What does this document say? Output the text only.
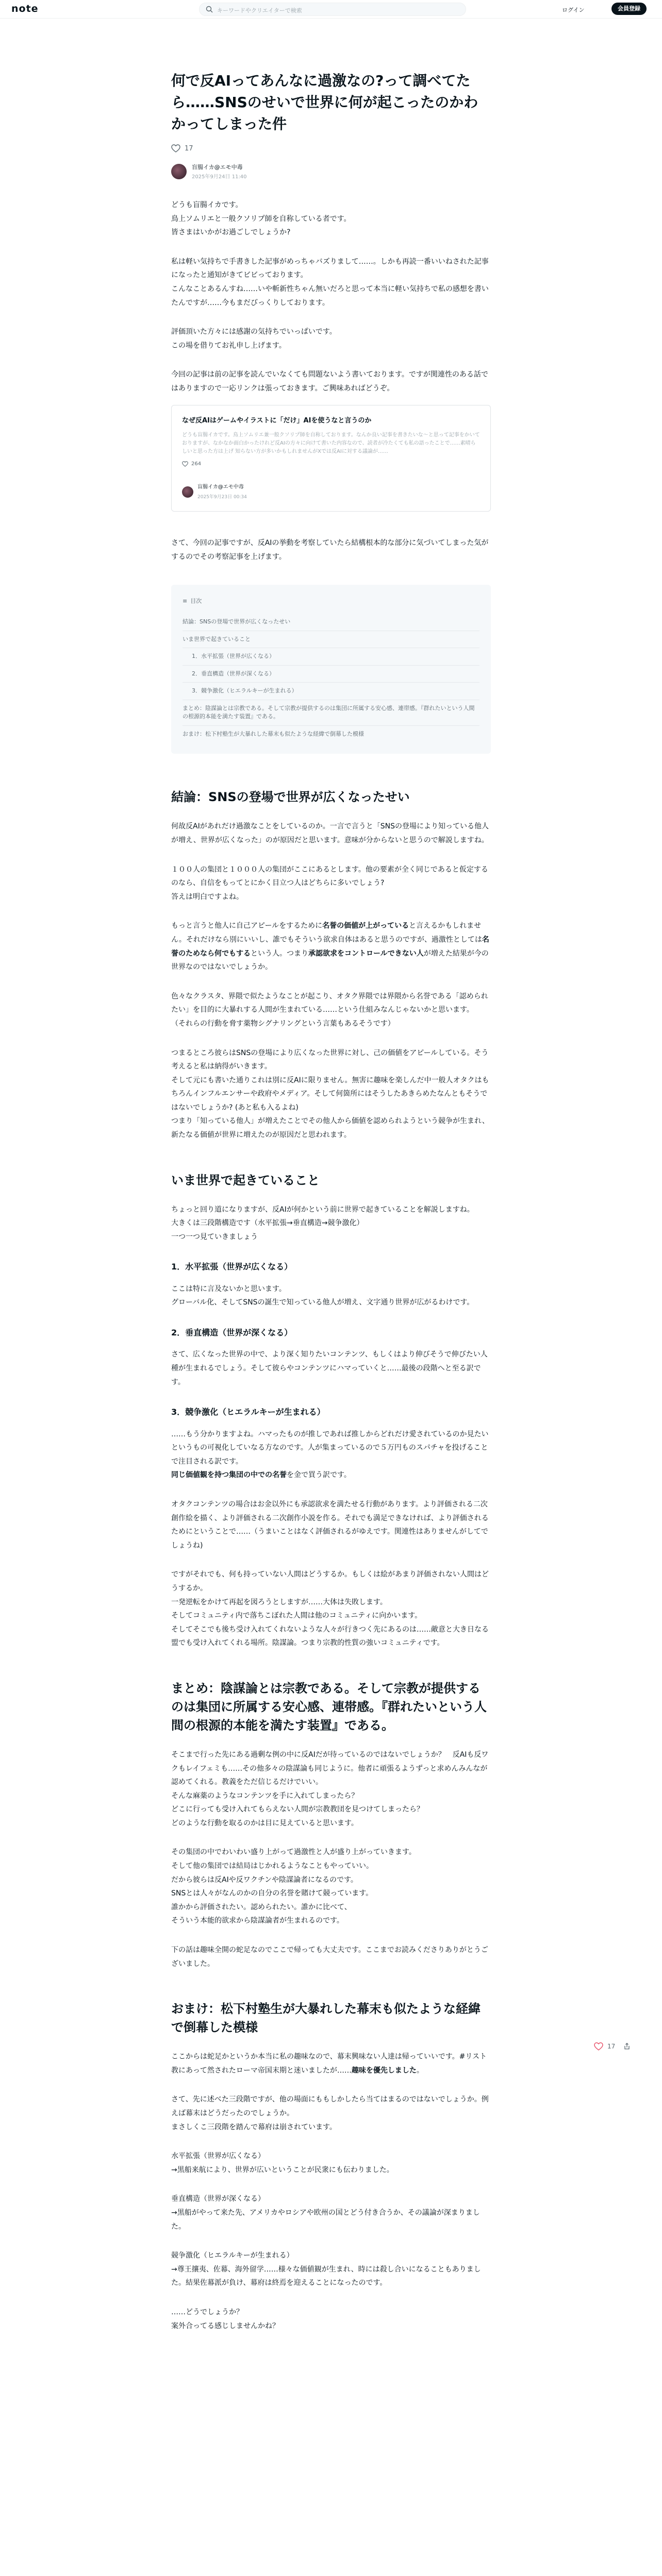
note	キーワードやクリエイターで検索	ログイン	会員登録
何で反AIってあんなに過激なの?って調べてたら……SNSのせいで世界に何が起こったのかわかってしまった件
17
盲腸イカ@エモ中毒
2025年9月24日 11:40

どうも盲腸イカです。
鳥上ソムリエと一般クソリプ師を自称している者です。
皆さまはいかがお過ごしでしょうか?

私は軽い気持ちで手書きした記事がめっちゃバズりまして……。しかも再読一番いいねされた記事になったと通知がきてビビっております。
こんなことあるんすね……いや斬新性ちゃん無いだろと思って本当に軽い気持ちで私の感想を書いたんですが……今もまだびっくりしております。

評価頂いた方々には感謝の気持ちでいっぱいです。
この場を借りてお礼申し上げます。

今回の記事は前の記事を読んでいなくても問題ないよう書いております。ですが関連性のある話ではありますので一応リンクは張っておきます。ご興味あればどうぞ。

なぜ反AIはゲームやイラストに「だけ」AIを使うなと言うのか
どうも盲腸イカです。鳥上ソムリエ兼一般クソリプ師を自称しております。なんか良い記事を書きたいな〜と思って記事をかいておりますが、なかなか面白かったけれど反AIの方々に向けて書いた内容なので、読者が冷たくても私の語ったことで……素晴らしいと思った方は上げ 知らない方が多いかもしれませんがXでは反AIに対する議論が……
264
盲腸イカ@エモ中毒
2025年9月23日 00:34

さて、今回の記事ですが、反AIの挙動を考察していたら結構根本的な部分に気づいてしまった気がするのでその考察記事を上げます。

≡ 目次
結論：SNSの登場で世界が広くなったせい
いま世界で起きていること
1．水平拡張（世界が広くなる）
2．垂直構造（世界が深くなる）
3．競争激化（ヒエラルキーが生まれる）
まとめ：陰謀論とは宗教である。そして宗教が提供するのは集団に所属する安心感、連帯感。『群れたいという人間の根源的本能を満たす装置』である。
おまけ：松下村塾生が大暴れした幕末も似たような経緯で倒幕した模様
結論：SNSの登場で世界が広くなったせい

何故反AIがあれだけ過激なことをしているのか。一言で言うと「SNSの登場により知っている他人が増え、世界が広くなった」のが原因だと思います。意味が分からないと思うので解説しますね。

１００人の集団と１０００人の集団がここにあるとします。他の要素が全く同じであると仮定するのなら、自信をもってとにかく目立つ人はどちらに多いでしょう?
答えは明白ですよね。

もっと言うと他人に自己アピールをするために名誉の価値が上がっていると言えるかもしれません。それだけなら別にいいし、誰でもそういう欲求自体はあると思うのですが、過激性としては名誉のためなら何でもするという人。つまり承認欲求をコントロールできない人が増えた結果が今の世界なのではないでしょうか。

色々なクラスタ、界隈で似たようなことが起こり、オタク界隈では界隈から名誉である「認められたい」を目的に大暴れする人間が生まれている……という仕組みなんじゃないかと思います。
（それらの行動を脅す薬物シグナリングという言葉もあるそうです）

つまるところ彼らはSNSの登場により広くなった世界に対し、己の価値をアピールしている。そう考えると私は納得がいきます。
そして元にも書いた通りこれは別に反AIに限りません。無害に趣味を楽しんだ中一般人オタクはもちろんインフルエンサーや政府やメディア。そして何箇所にはそうしたあきらめたなんともそうではないでしょうか? (あと私も入るよね)
つまり「知っている他人」が増えたことでその他人から価値を認められようという競争が生まれ、新たなる価値が世界に増えたのが原因だと思われます。

いま世界で起きていること

ちょっと回り道になりますが、反AIが何かという前に世界で起きていることを解説しますね。
大きくは三段階構造です（水平拡張→垂直構造→競争激化）
一つ一つ見ていきましょう

1．水平拡張（世界が広くなる）

ここは特に言及ないかと思います。
グローバル化、そしてSNSの誕生で知っている他人が増え、文字通り世界が広がるわけです。

2．垂直構造（世界が深くなる）

さて、広くなった世界の中で、より深く知りたいコンテンツ、もしくはより伸びそうで伸びたい人種が生まれるでしょう。そして彼らやコンテンツにハマっていくと……最後の段階へと至る訳です。

3．競争激化（ヒエラルキーが生まれる）

……もう分かりますよね。ハマったものが推しであれば推しからどれだけ愛されているのか見たいというもの可視化していなる方なのです。人が集まっているので５万円ものスパチャを投げることで注目される訳です。
同じ価値観を持つ集団の中での名誉を金で買う訳です。

オタクコンテンツの場合はお金以外にも承認欲求を満たせる行動があります。より評価される二次創作絵を描く、より評価される二次創作小説を作る。それでも満足できなければ、より評価されるためにということで……（うまいことはなく評価されるがゆえです。関連性はありませんがしてでしょうね)

ですがそれでも、何も持っていない人間はどうするか。もしくは絵があまり評価されない人間はどうするか。
一発逆転をかけて再起を図ろうとしますが……大体は失敗します。
そしてコミュニティ内で落ちこぼれた人間は他のコミュニティに向かいます。
そしてそこでも後ち受け入れてくれないような人々が行きつく先にあるのは……敵意と大き日なる盟でも受け入れてくれる場所。陰謀論。つまり宗教的性質の強いコミュニティです。

まとめ：陰謀論とは宗教である。そして宗教が提供するのは集団に所属する安心感、連帯感。『群れたいという人間の根源的本能を満たす装置』である。

そこまで行った先にある過剰な例の中に反AIだが待っているのではないでしょうか？　反AIも反ワクもレイフェミも……その他多々の陰謀論も同じように。他者に頑張るようずっと求めんみんなが認めてくれる。教義をただ信じるだけでいい。
そんな麻薬のようなコンテンツを手に入れてしまったら？
どこに行っても受け入れてもらえない人間が宗教教団を見つけてしまったら？
どのような行動を取るのかは目に見えていると思います。

その集団の中でわいわい盛り上がって過激性と人が盛り上がっていきます。
そして他の集団では結局はじかれるようなこともやっていい。
だから彼らは反AIや反ワクチンや陰謀論者になるのです。
SNSとは人々がなんのかの自分の名誉を賭けて競っています。
誰かから評価されたい。認められたい。誰かに比べて、
そういう本能的欲求から陰謀論者が生まれるのです。

下の話は趣味全開の蛇足なのでここで帰っても大丈夫です。ここまでお読みくださりありがとうございました。

おまけ：松下村塾生が大暴れした幕末も似たような経緯で倒幕した模様

ここからは蛇足かというか本当に私の趣味なので、幕末興味ない人達は帰っていいです。#リスト教にあって然されたローマ帝国末期と迷いましたが……趣味を優先しました。

さて、先に述べた三段階ですが、他の場面にももしかしたら当てはまるのではないでしょうか。例えば幕末はどうだったのでしょうか。
まさしくこ三段階を踏んで幕府は崩されています。

水平拡張（世界が広くなる）
→黒船来航により、世界が広いということが民衆にも伝わりました。

垂直構造（世界が深くなる）
→黒船がやって来た先、アメリカやロシアや欧州の国とどう付き合うか、その議論が深まりました。

競争激化（ヒエラルキーが生まれる）
→尊王攘夷、佐幕、海外留学……様々な価値観が生まれ、時には殺し合いになることもありました。結果佐幕派が負け、幕府は終焉を迎えることになったのです。

……どうでしょうか？
案外合ってる感じしませんかね？

17
